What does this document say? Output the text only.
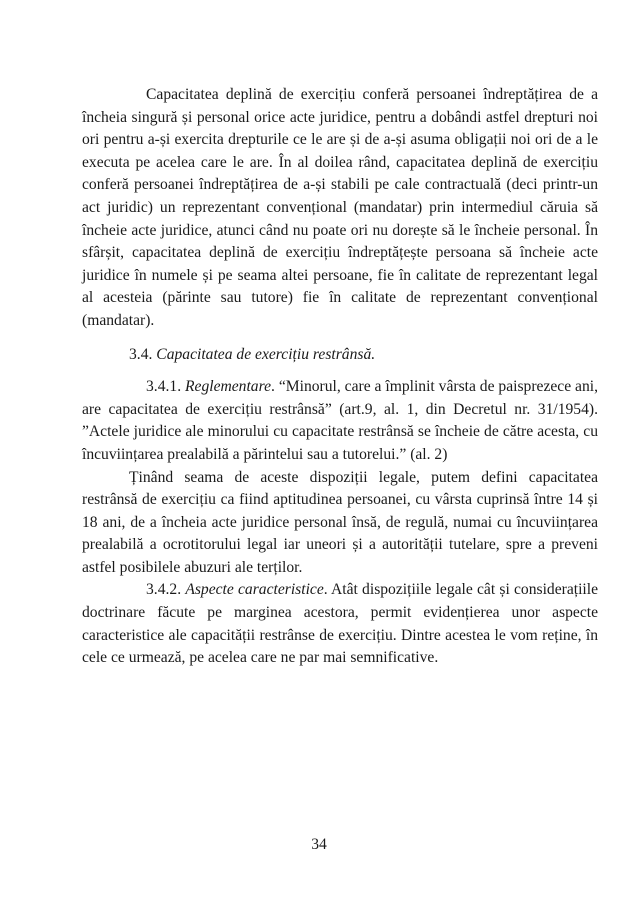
Capacitatea deplină de exercițiu conferă persoanei îndreptățirea de a încheia singură și personal orice acte juridice, pentru a dobândi astfel drepturi noi ori pentru a-și exercita drepturile ce le are și de a-și asuma obligații noi ori de a le executa pe acelea care le are. În al doilea rând, capacitatea deplină de exercițiu conferă persoanei îndreptățirea de a-și stabili pe cale contractuală (deci printr-un act juridic) un reprezentant convențional (mandatar) prin intermediul căruia să încheie acte juridice, atunci când nu poate ori nu dorește să le încheie personal. În sfârșit, capacitatea deplină de exercițiu îndreptățește persoana să încheie acte juridice în numele și pe seama altei persoane, fie în calitate de reprezentant legal al acesteia (părinte sau tutore) fie în calitate de reprezentant convențional (mandatar).

3.4. Capacitatea de exercițiu restrânsă.

3.4.1. Reglementare. “Minorul, care a împlinit vârsta de paisprezece ani, are capacitatea de exercițiu restrânsă” (art.9, al. 1, din Decretul nr. 31/1954). ”Actele juridice ale minorului cu capacitate restrânsă se încheie de către acesta, cu încuviințarea prealabilă a părintelui sau a tutorelui.” (al. 2)

Ținând seama de aceste dispoziții legale, putem defini capacitatea restrânsă de exercițiu ca fiind aptitudinea persoanei, cu vârsta cuprinsă între 14 și 18 ani, de a încheia acte juridice personal însă, de regulă, numai cu încuviințarea prealabilă a ocrotitorului legal iar uneori și a autorității tutelare, spre a preveni astfel posibilele abuzuri ale terților.

3.4.2. Aspecte caracteristice. Atât dispozițiile legale cât și considerațiile doctrinare făcute pe marginea acestora, permit evidențierea unor aspecte caracteristice ale capacității restrânse de exercițiu. Dintre acestea le vom reține, în cele ce urmează, pe acelea care ne par mai semnificative.

34
